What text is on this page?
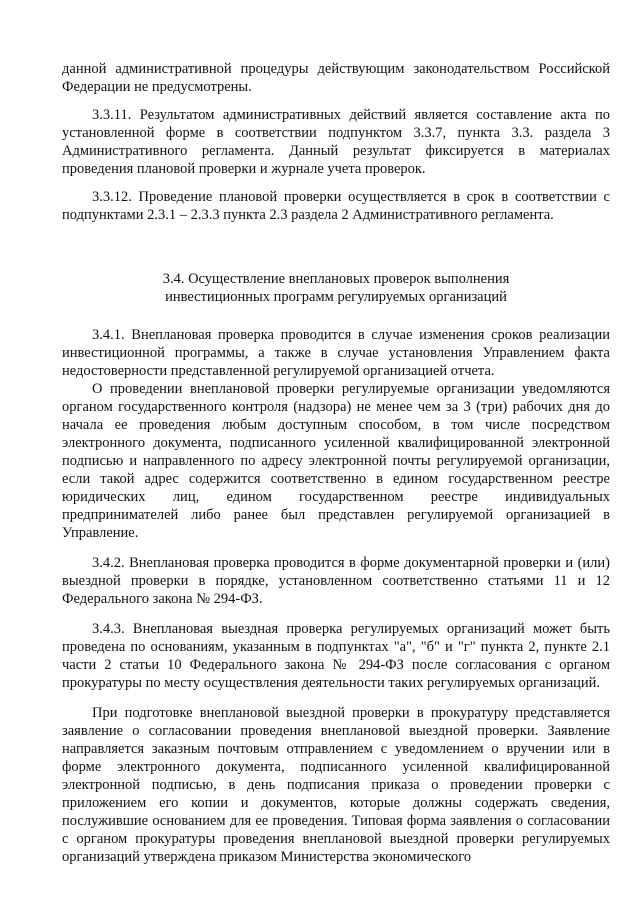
данной административной процедуры действующим законодательством Российской Федерации не предусмотрены.

3.3.11. Результатом административных действий является составление акта по установленной форме в соответствии подпунктом 3.3.7, пункта 3.3. раздела 3 Административного регламента. Данный результат фиксируется в материалах проведения плановой проверки и журнале учета проверок.

3.3.12. Проведение плановой проверки осуществляется в срок в соответствии с подпунктами 2.3.1 – 2.3.3 пункта 2.3 раздела 2 Административного регламента.

3.4. Осуществление внеплановых проверок выполнения
инвестиционных программ регулируемых организаций

3.4.1. Внеплановая проверка проводится в случае изменения сроков реализации инвестиционной программы, а также в случае установления Управлением факта недостоверности представленной регулируемой организацией отчета.

О проведении внеплановой проверки регулируемые организации уведомляются органом государственного контроля (надзора) не менее чем за 3 (три) рабочих дня до начала ее проведения любым доступным способом, в том числе посредством электронного документа, подписанного усиленной квалифицированной электронной подписью и направленного по адресу электронной почты регулируемой организации, если такой адрес содержится соответственно в едином государственном реестре юридических лиц, едином государственном реестре индивидуальных предпринимателей либо ранее был представлен регулируемой организацией в Управление.

3.4.2. Внеплановая проверка проводится в форме документарной проверки и (или) выездной проверки в порядке, установленном соответственно статьями 11 и 12 Федерального закона № 294-ФЗ.

3.4.3. Внеплановая выездная проверка регулируемых организаций может быть проведена по основаниям, указанным в подпунктах "а", "б" и "г" пункта 2, пункте 2.1 части 2 статьи 10 Федерального закона № 294-ФЗ после согласования с органом прокуратуры по месту осуществления деятельности таких регулируемых организаций.

При подготовке внеплановой выездной проверки в прокуратуру представляется заявление о согласовании проведения внеплановой выездной проверки. Заявление направляется заказным почтовым отправлением с уведомлением о вручении или в форме электронного документа, подписанного усиленной квалифицированной электронной подписью, в день подписания приказа о проведении проверки с приложением его копии и документов, которые должны содержать сведения, послужившие основанием для ее проведения. Типовая форма заявления о согласовании с органом прокуратуры проведения внеплановой выездной проверки регулируемых организаций утверждена приказом Министерства экономического
